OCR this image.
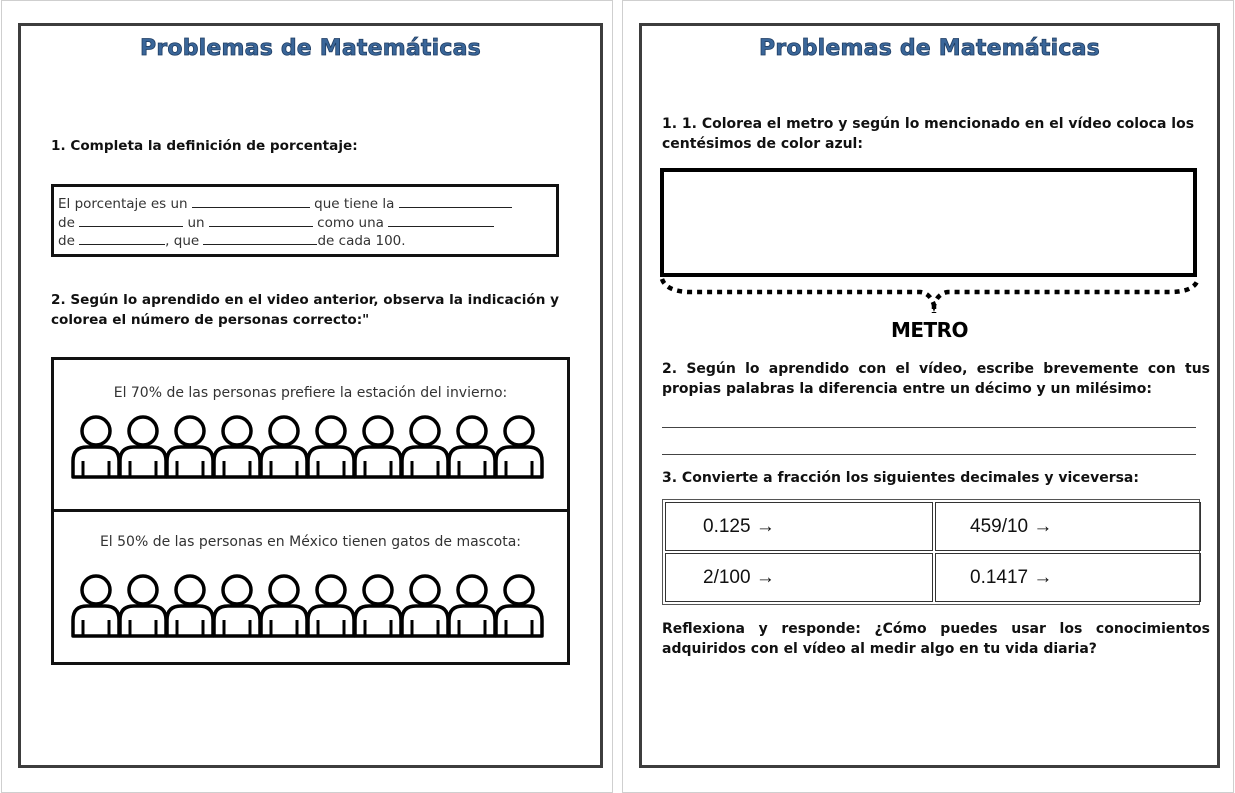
Problemas de Matemáticas
1. Completa la definición de porcentaje:
El porcentaje es un	que tiene la
de	un	como una
de	, que	de cada 100.
2. Según lo aprendido en el video anterior, observa la indicación y colorea el número de personas correcto:"
El 70% de las personas prefiere la estación del invierno:
El 50% de las personas en México tienen gatos de mascota:
Problemas de Matemáticas
1. 1. Colorea el metro y según lo mencionado en el vídeo coloca los centésimos de color azul:
METRO
2. Según lo aprendido con el vídeo, escribe brevemente con tus propias palabras la diferencia entre un décimo y un milésimo:
3. Convierte a fracción los siguientes decimales y viceversa:
0.125 →	459/10 →
2/100 →	0.1417 →
Reflexiona y responde: ¿Cómo puedes usar los conocimientos adquiridos con el vídeo al medir algo en tu vida diaria?
